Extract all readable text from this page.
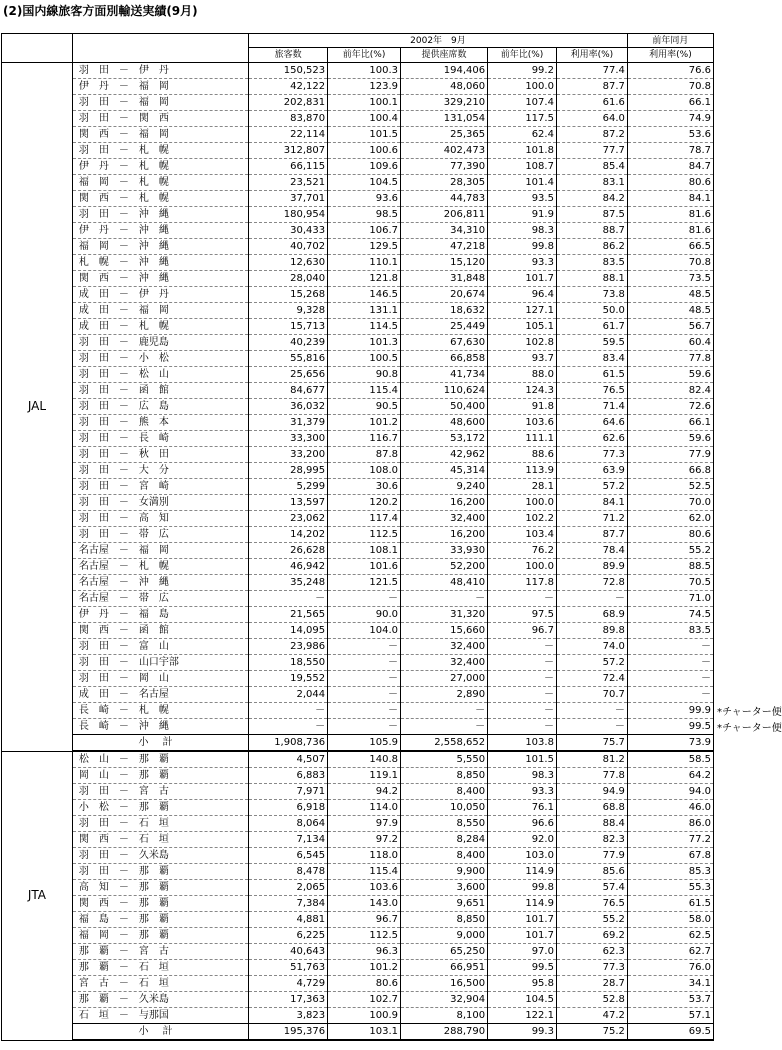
(2)国内線旅客方面別輸送実績(9月)
		2002年　9月					前年同月
		旅客数	前年比(%)	提供座席数	前年比(%)	利用率(%)	利用率(%)
JAL	羽　田　－　伊　丹	150,523	100.3	194,406	99.2	77.4	76.6
	伊　丹　－　福　岡	42,122	123.9	48,060	100.0	87.7	70.8
	羽　田　－　福　岡	202,831	100.1	329,210	107.4	61.6	66.1
	羽　田　－　関　西	83,870	100.4	131,054	117.5	64.0	74.9
	関　西　－　福　岡	22,114	101.5	25,365	62.4	87.2	53.6
	羽　田　－　札　幌	312,807	100.6	402,473	101.8	77.7	78.7
	伊　丹　－　札　幌	66,115	109.6	77,390	108.7	85.4	84.7
	福　岡　－　札　幌	23,521	104.5	28,305	101.4	83.1	80.6
	関　西　－　札　幌	37,701	93.6	44,783	93.5	84.2	84.1
	羽　田　－　沖　縄	180,954	98.5	206,811	91.9	87.5	81.6
	伊　丹　－　沖　縄	30,433	106.7	34,310	98.3	88.7	81.6
	福　岡　－　沖　縄	40,702	129.5	47,218	99.8	86.2	66.5
	札　幌　－　沖　縄	12,630	110.1	15,120	93.3	83.5	70.8
	関　西　－　沖　縄	28,040	121.8	31,848	101.7	88.1	73.5
	成　田　－　伊　丹	15,268	146.5	20,674	96.4	73.8	48.5
	成　田　－　福　岡	9,328	131.1	18,632	127.1	50.0	48.5
	成　田　－　札　幌	15,713	114.5	25,449	105.1	61.7	56.7
	羽　田　－　鹿児島	40,239	101.3	67,630	102.8	59.5	60.4
	羽　田　－　小　松	55,816	100.5	66,858	93.7	83.4	77.8
	羽　田　－　松　山	25,656	90.8	41,734	88.0	61.5	59.6
	羽　田　－　函　館	84,677	115.4	110,624	124.3	76.5	82.4
	羽　田　－　広　島	36,032	90.5	50,400	91.8	71.4	72.6
	羽　田　－　熊　本	31,379	101.2	48,600	103.6	64.6	66.1
	羽　田　－　長　崎	33,300	116.7	53,172	111.1	62.6	59.6
	羽　田　－　秋　田	33,200	87.8	42,962	88.6	77.3	77.9
	羽　田　－　大　分	28,995	108.0	45,314	113.9	63.9	66.8
	羽　田　－　宮　崎	5,299	30.6	9,240	28.1	57.2	52.5
	羽　田　－　女満別	13,597	120.2	16,200	100.0	84.1	70.0
	羽　田　－　高　知	23,062	117.4	32,400	102.2	71.2	62.0
	羽　田　－　帯　広	14,202	112.5	16,200	103.4	87.7	80.6
	名古屋　－　福　岡	26,628	108.1	33,930	76.2	78.4	55.2
	名古屋　－　札　幌	46,942	101.6	52,200	100.0	89.9	88.5
	名古屋　－　沖　縄	35,248	121.5	48,410	117.8	72.8	70.5
	名古屋　－　帯　広	－	－	－	－	－	71.0
	伊　丹　－　福　島	21,565	90.0	31,320	97.5	68.9	74.5
	関　西　－　函　館	14,095	104.0	15,660	96.7	89.8	83.5
	羽　田　－　富　山	23,986	－	32,400	－	74.0	－
	羽　田　－　山口宇部	18,550	－	32,400	－	57.2	－
	羽　田　－　岡　山	19,552	－	27,000	－	72.4	－
	成　田　－　名古屋	2,044	－	2,890	－	70.7	－
	長　崎　－　札　幌	－	－	－	－	－	99.9
	長　崎　－　沖　縄	－	－	－	－	－	99.5
	小計	1,908,736	105.9	2,558,652	103.8	75.7	73.9
JTA	松　山　－　那　覇	4,507	140.8	5,550	101.5	81.2	58.5
	岡　山　－　那　覇	6,883	119.1	8,850	98.3	77.8	64.2
	羽　田　－　宮　古	7,971	94.2	8,400	93.3	94.9	94.0
	小　松　－　那　覇	6,918	114.0	10,050	76.1	68.8	46.0
	羽　田　－　石　垣	8,064	97.9	8,550	96.6	88.4	86.0
	関　西　－　石　垣	7,134	97.2	8,284	92.0	82.3	77.2
	羽　田　－　久米島	6,545	118.0	8,400	103.0	77.9	67.8
	羽　田　－　那　覇	8,478	115.4	9,900	114.9	85.6	85.3
	高　知　－　那　覇	2,065	103.6	3,600	99.8	57.4	55.3
	関　西　－　那　覇	7,384	143.0	9,651	114.9	76.5	61.5
	福　島　－　那　覇	4,881	96.7	8,850	101.7	55.2	58.0
	福　岡　－　那　覇	6,225	112.5	9,000	101.7	69.2	62.5
	那　覇　－　宮　古	40,643	96.3	65,250	97.0	62.3	62.7
	那　覇　－　石　垣	51,763	101.2	66,951	99.5	77.3	76.0
	宮　古　－　石　垣	4,729	80.6	16,500	95.8	28.7	34.1
	那　覇　－　久米島	17,363	102.7	32,904	104.5	52.8	53.7
	石　垣　－　与那国	3,823	100.9	8,100	122.1	47.2	57.1
	小計	195,376	103.1	288,790	99.3	75.2	69.5
*チャーター便
*チャーター便
